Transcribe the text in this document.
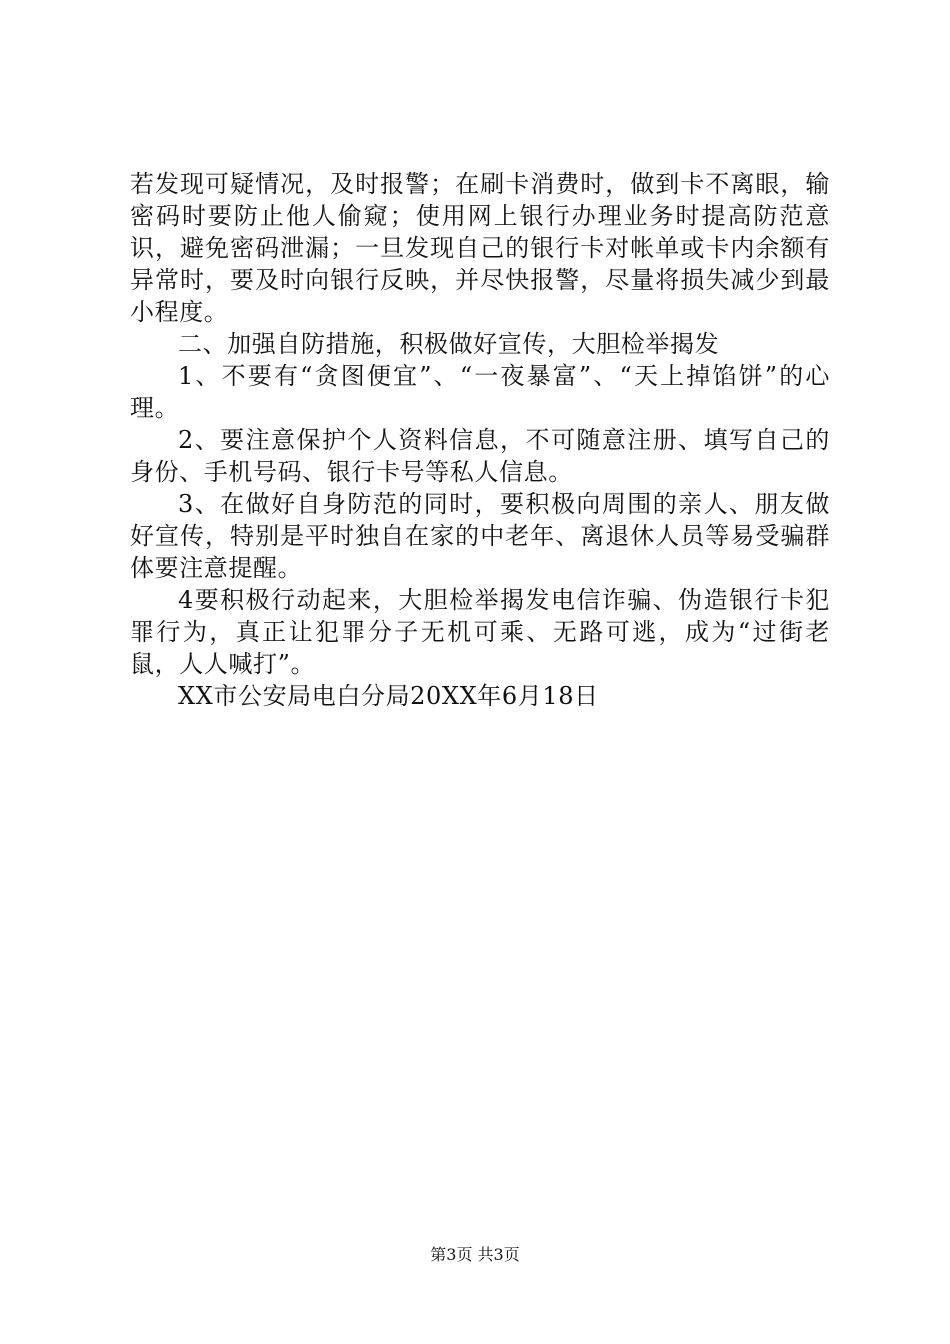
若发现可疑情况，及时报警；在刷卡消费时，做到卡不离眼，输密码时要防止他人偷窥；使用网上银行办理业务时提高防范意识，避免密码泄漏；一旦发现自己的银行卡对帐单或卡内余额有异常时，要及时向银行反映，并尽快报警，尽量将损失减少到最小程度。

二、加强自防措施，积极做好宣传，大胆检举揭发

1、不要有“贪图便宜”、“一夜暴富”、“天上掉馅饼”的心理。

2、要注意保护个人资料信息，不可随意注册、填写自己的身份、手机号码、银行卡号等私人信息。

3、在做好自身防范的同时，要积极向周围的亲人、朋友做好宣传，特别是平时独自在家的中老年、离退休人员等易受骗群体要注意提醒。

4要积极行动起来，大胆检举揭发电信诈骗、伪造银行卡犯罪行为，真正让犯罪分子无机可乘、无路可逃，成为“过街老鼠，人人喊打”。

XX市公安局电白分局20XX年6月18日

第3页 共3页
